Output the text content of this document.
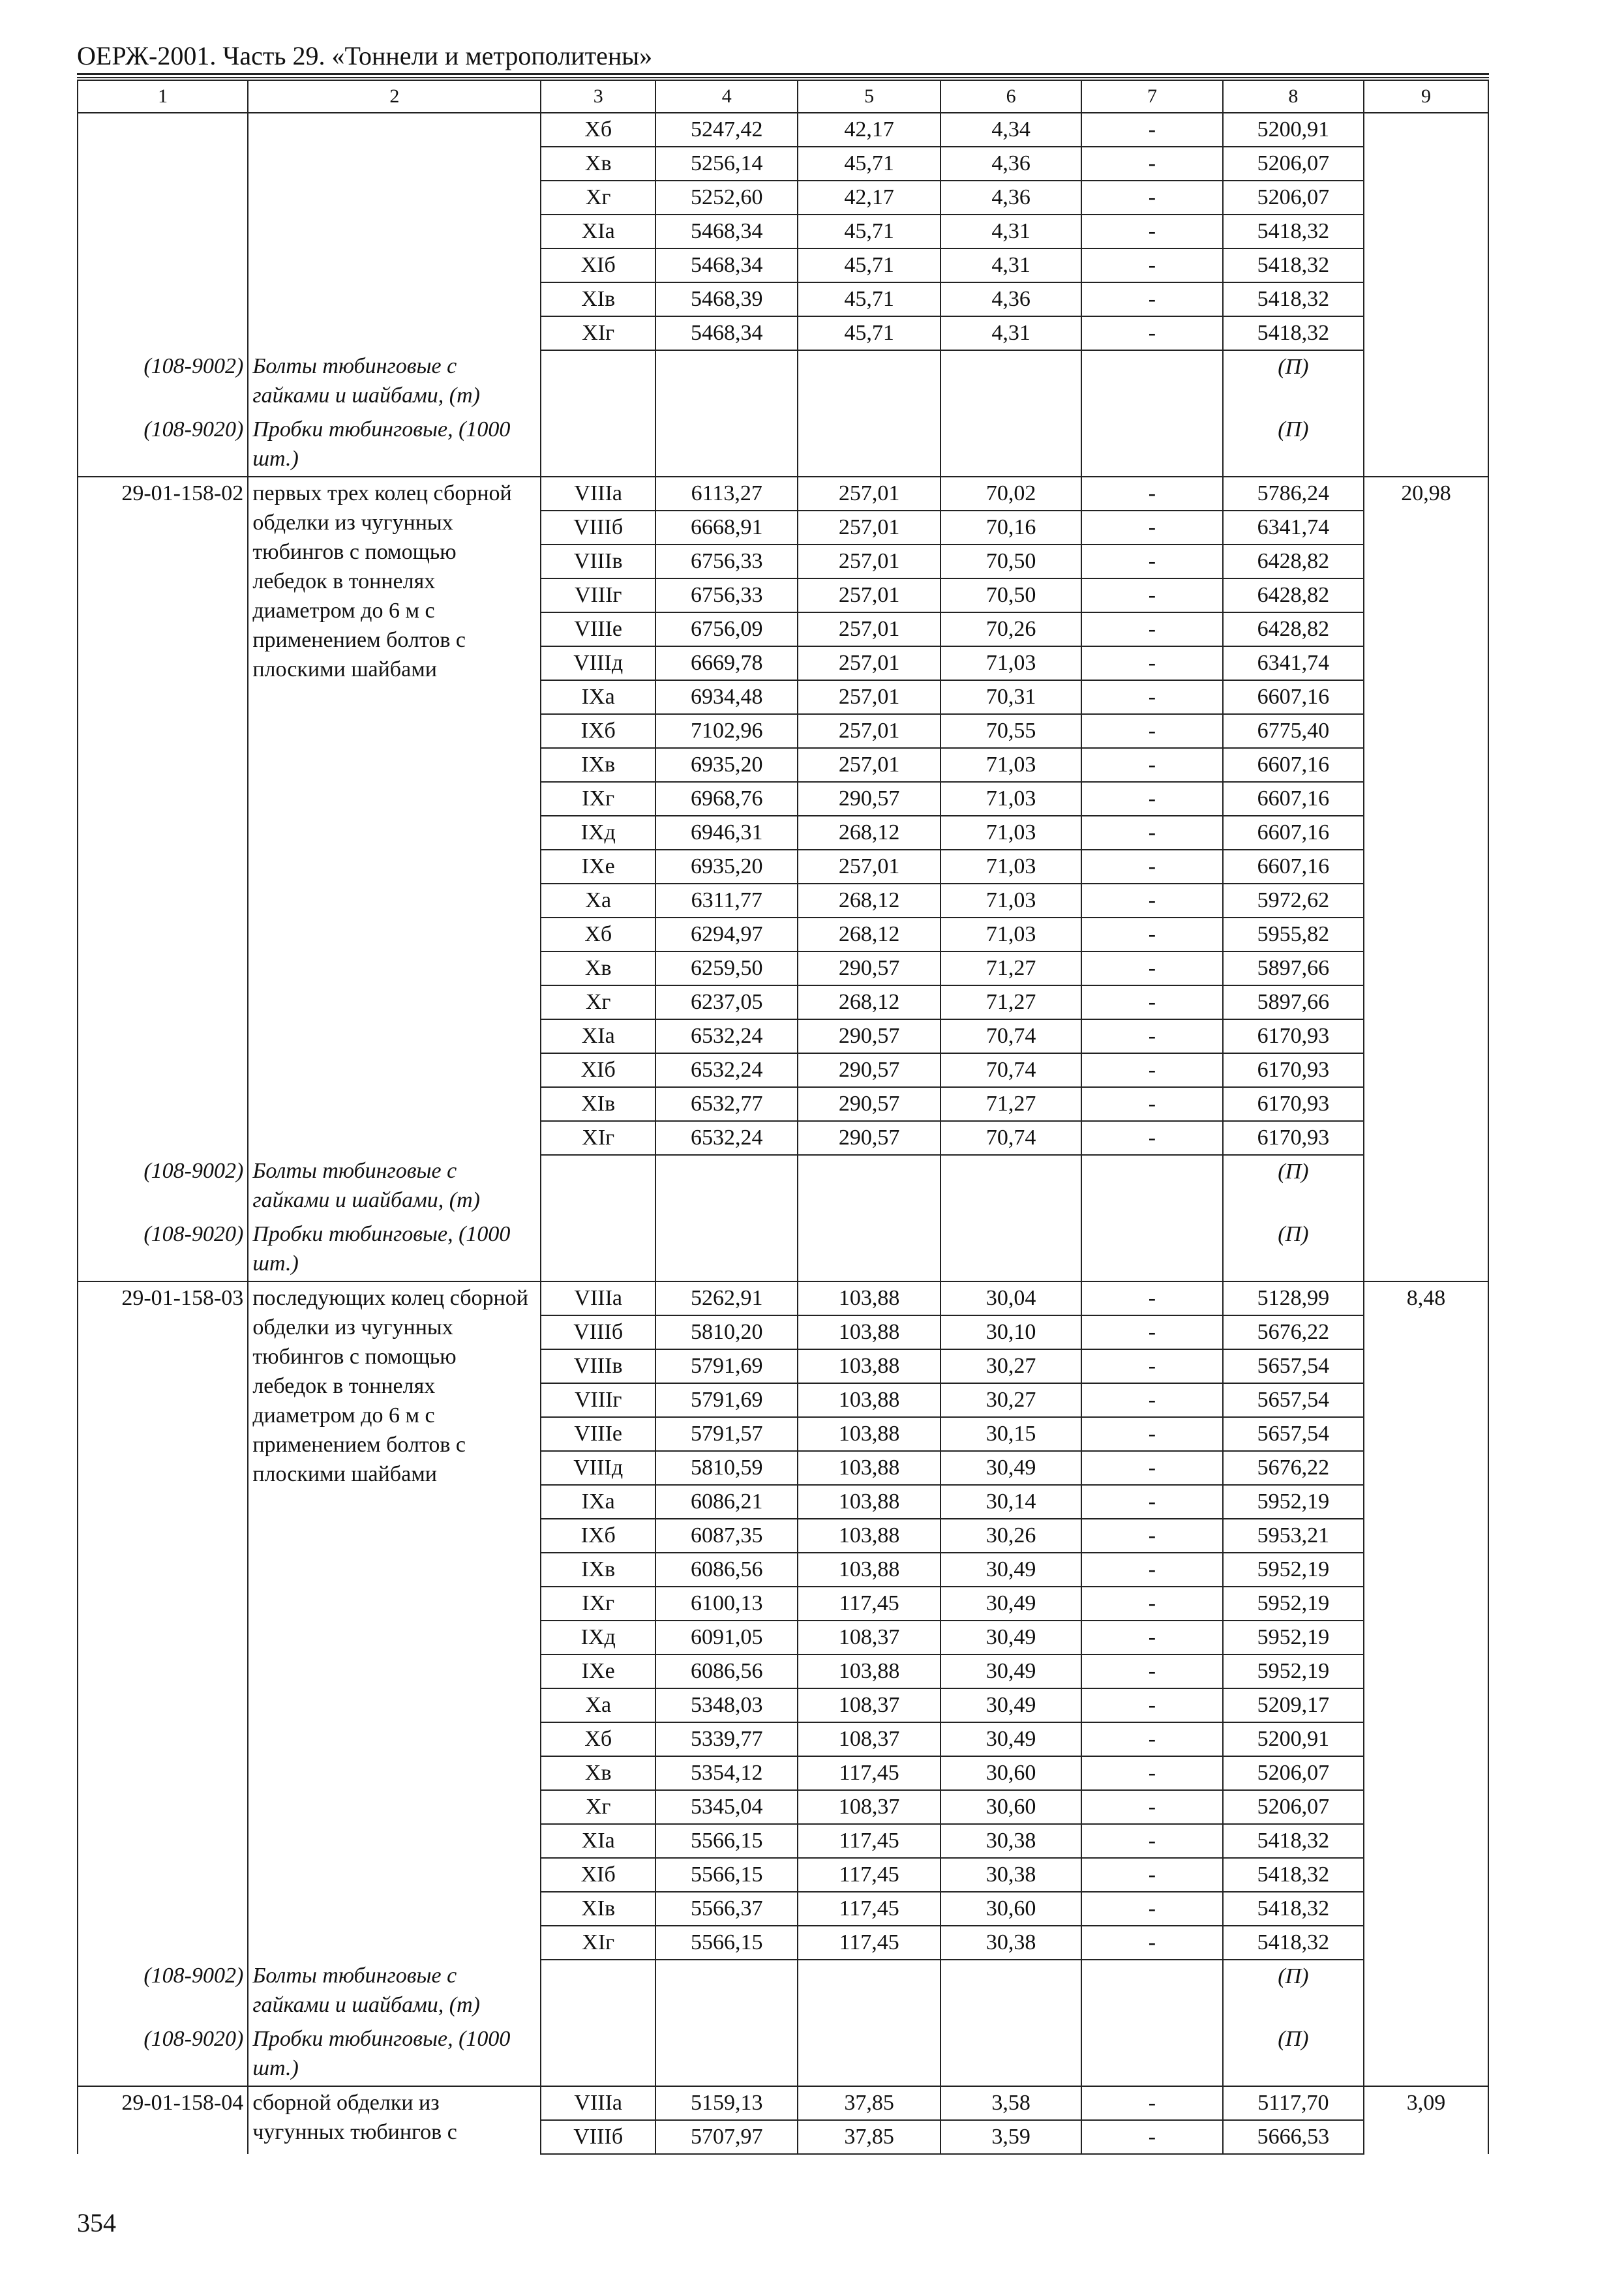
ОЕРЖ-2001. Часть 29. «Тоннели и метрополитены»
1	2	3	4	5	6	7	8	9
		Хб	5247,42	42,17	4,34	-	5200,91	
		Хв	5256,14	45,71	4,36	-	5206,07	
		Хг	5252,60	42,17	4,36	-	5206,07	
		ХIа	5468,34	45,71	4,31	-	5418,32	
		ХIб	5468,34	45,71	4,31	-	5418,32	
		ХIв	5468,39	45,71	4,36	-	5418,32	
		ХIг	5468,34	45,71	4,31	-	5418,32	
(108-9002)	Болты тюбинговые с гайками и шайбами, (т)						(П)	
(108-9020)	Пробки тюбинговые, (1000 шт.)						(П)	
29-01-158-02	первых трех колец сборной обделки из чугунных тюбингов с помощью лебедок в тоннелях диаметром до 6 м с применением болтов с плоскими шайбами	VIIIа	6113,27	257,01	70,02	-	5786,24	20,98
		VIIIб	6668,91	257,01	70,16	-	6341,74	
		VIIIв	6756,33	257,01	70,50	-	6428,82	
		VIIIг	6756,33	257,01	70,50	-	6428,82	
		VIIIе	6756,09	257,01	70,26	-	6428,82	
		VIIIд	6669,78	257,01	71,03	-	6341,74	
		IХа	6934,48	257,01	70,31	-	6607,16	
		IХб	7102,96	257,01	70,55	-	6775,40	
		IХв	6935,20	257,01	71,03	-	6607,16	
		IХг	6968,76	290,57	71,03	-	6607,16	
		IХд	6946,31	268,12	71,03	-	6607,16	
		IХе	6935,20	257,01	71,03	-	6607,16	
		Ха	6311,77	268,12	71,03	-	5972,62	
		Хб	6294,97	268,12	71,03	-	5955,82	
		Хв	6259,50	290,57	71,27	-	5897,66	
		Хг	6237,05	268,12	71,27	-	5897,66	
		ХIа	6532,24	290,57	70,74	-	6170,93	
		ХIб	6532,24	290,57	70,74	-	6170,93	
		ХIв	6532,77	290,57	71,27	-	6170,93	
		ХIг	6532,24	290,57	70,74	-	6170,93	
(108-9002)	Болты тюбинговые с гайками и шайбами, (т)						(П)	
(108-9020)	Пробки тюбинговые, (1000 шт.)						(П)	
29-01-158-03	последующих колец сборной обделки из чугунных тюбингов с помощью лебедок в тоннелях диаметром до 6 м с применением болтов с плоскими шайбами	VIIIа	5262,91	103,88	30,04	-	5128,99	8,48
		VIIIб	5810,20	103,88	30,10	-	5676,22	
		VIIIв	5791,69	103,88	30,27	-	5657,54	
		VIIIг	5791,69	103,88	30,27	-	5657,54	
		VIIIе	5791,57	103,88	30,15	-	5657,54	
		VIIIд	5810,59	103,88	30,49	-	5676,22	
		IХа	6086,21	103,88	30,14	-	5952,19	
		IХб	6087,35	103,88	30,26	-	5953,21	
		IХв	6086,56	103,88	30,49	-	5952,19	
		IХг	6100,13	117,45	30,49	-	5952,19	
		IХд	6091,05	108,37	30,49	-	5952,19	
		IХе	6086,56	103,88	30,49	-	5952,19	
		Ха	5348,03	108,37	30,49	-	5209,17	
		Хб	5339,77	108,37	30,49	-	5200,91	
		Хв	5354,12	117,45	30,60	-	5206,07	
		Хг	5345,04	108,37	30,60	-	5206,07	
		ХIа	5566,15	117,45	30,38	-	5418,32	
		ХIб	5566,15	117,45	30,38	-	5418,32	
		ХIв	5566,37	117,45	30,60	-	5418,32	
		ХIг	5566,15	117,45	30,38	-	5418,32	
(108-9002)	Болты тюбинговые с гайками и шайбами, (т)						(П)	
(108-9020)	Пробки тюбинговые, (1000 шт.)						(П)	
29-01-158-04	сборной обделки из чугунных тюбингов с	VIIIа	5159,13	37,85	3,58	-	5117,70	3,09
		VIIIб	5707,97	37,85	3,59	-	5666,53	
354
